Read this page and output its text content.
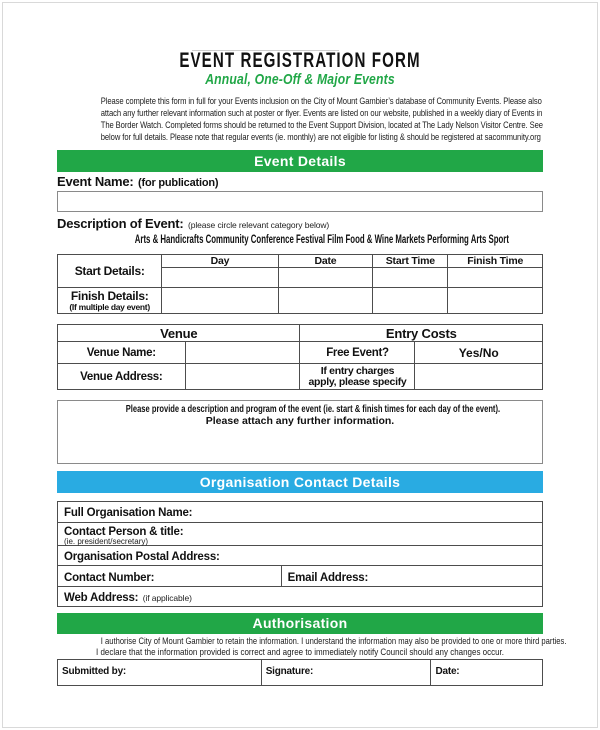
EVENT REGISTRATION FORM
Annual, One-Off & Major Events
Please complete this form in full for your Events inclusion on the City of Mount Gambier’s database of Community Events. Please also
attach any further relevant information such at poster or flyer. Events are listed on our website, published in a weekly diary of Events in
The Border Watch. Completed forms should be returned to the Event Support Division, located at The Lady Nelson Visitor Centre. See
below for full details. Please note that regular events (ie. monthly) are not eligible for listing & should be registered at sacommunity.org
Event Details
Event Name: (for publication)
Description of Event: (please circle relevant category below)
Arts & Handicrafts Community Conference Festival Film Food & Wine Markets Performing Arts Sport
Start Details:	Day	Date	Start Time	Finish Time

Finish Details:
(If multiple day event)				

Venue		Entry Costs	
Venue Name:		Free Event?	Yes/No
Venue Address:		If entry charges
apply, please specify	
Please provide a description and program of the event (ie. start & finish times for each day of the event).
Please attach any further information.
Organisation Contact Details
Full Organisation Name:
Contact Person & title:
(ie. president/secretary)
Organisation Postal Address:
Contact Number:	Email Address:
Web Address: (if applicable)
Authorisation
I authorise City of Mount Gambier to retain the information. I understand the information may also be provided to one or more third parties.
I declare that the information provided is correct and agree to immediately notify Council should any changes occur.
Submitted by:	Signature:	Date:
